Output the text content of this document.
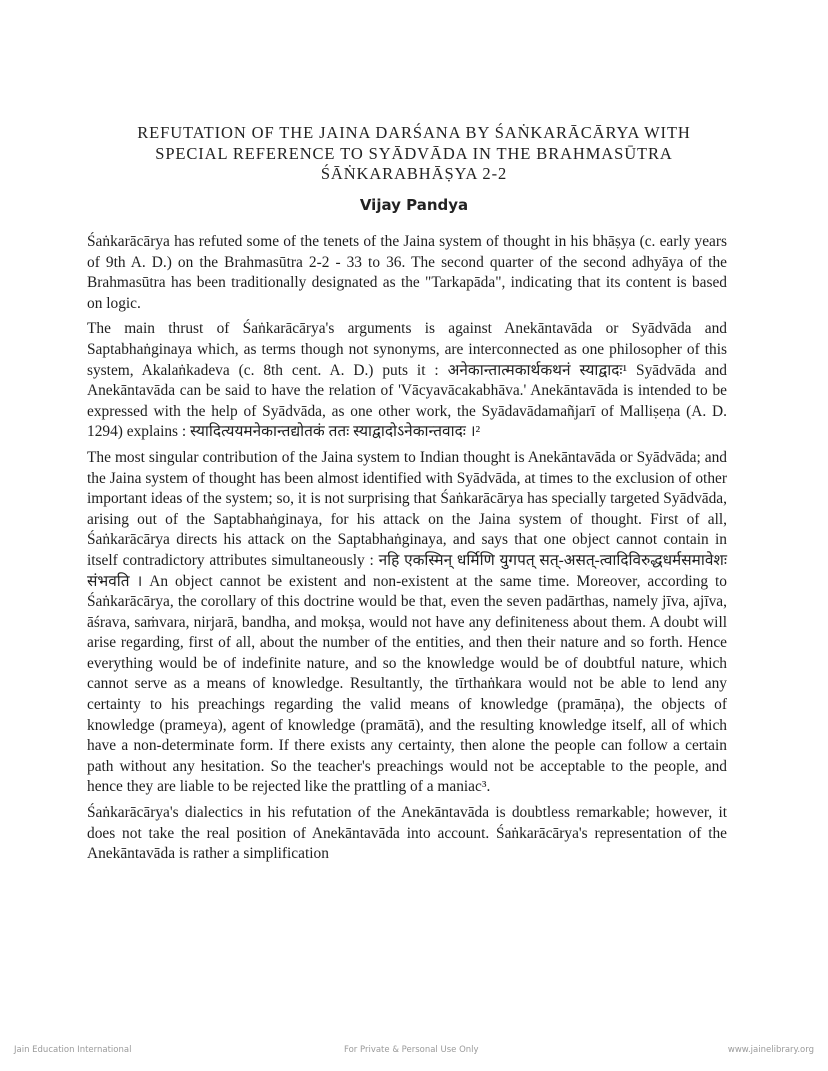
REFUTATION OF THE JAINA DARŚANA BY ŚAṄKARĀCĀRYA WITH
SPECIAL REFERENCE TO SYĀDVĀDA IN THE BRAHMASŪTRA
ŚĀṄKARABHĀṢYA 2-2
Vijay Pandya

Śaṅkarācārya has refuted some of the tenets of the Jaina system of thought in his bhāṣya (c. early years of 9th A. D.) on the Brahmasūtra 2-2 - 33 to 36. The second quarter of the second adhyāya of the Brahmasūtra has been traditionally designated as the "Tarkapāda", indicating that its content is based on logic.

The main thrust of Śaṅkarācārya's arguments is against Anekāntavāda or Syādvāda and Saptabhaṅginaya which, as terms though not synonyms, are interconnected as one philosopher of this system, Akalaṅkadeva (c. 8th cent. A. D.) puts it : अनेकान्तात्मकार्थकथनं स्याद्वादः¹ Syādvāda and Anekāntavāda can be said to have the relation of 'Vācyavācakabhāva.' Anekāntavāda is intended to be expressed with the help of Syādvāda, as one other work, the Syādavādamañjarī of Malliṣeṇa (A. D. 1294) explains : स्यादित्ययमनेकान्तद्योतकं ततः स्याद्वादोऽनेकान्तवादः ।²

The most singular contribution of the Jaina system to Indian thought is Anekāntavāda or Syādvāda; and the Jaina system of thought has been almost identified with Syādvāda, at times to the exclusion of other important ideas of the system; so, it is not surprising that Śaṅkarācārya has specially targeted Syādvāda, arising out of the Saptabhaṅginaya, for his attack on the Jaina system of thought. First of all, Śaṅkarācārya directs his attack on the Saptabhaṅginaya, and says that one object cannot contain in itself contradictory attributes simultaneously : नहि एकस्मिन् धर्मिणि युगपत् सत्-असत्-त्वादिविरुद्धधर्मसमावेशः संभवति । An object cannot be existent and non-existent at the same time. Moreover, according to Śaṅkarācārya, the corollary of this doctrine would be that, even the seven padārthas, namely jīva, ajīva, āśrava, saṁvara, nirjarā, bandha, and mokṣa, would not have any definiteness about them. A doubt will arise regarding, first of all, about the number of the entities, and then their nature and so forth. Hence everything would be of indefinite nature, and so the knowledge would be of doubtful nature, which cannot serve as a means of knowledge. Resultantly, the tīrthaṅkara would not be able to lend any certainty to his preachings regarding the valid means of knowledge (pramāṇa), the objects of knowledge (prameya), agent of knowledge (pramātā), and the resulting knowledge itself, all of which have a non-determinate form. If there exists any certainty, then alone the people can follow a certain path without any hesitation. So the teacher's preachings would not be acceptable to the people, and hence they are liable to be rejected like the prattling of a maniac³.

Śaṅkarācārya's dialectics in his refutation of the Anekāntavāda is doubtless remarkable; however, it does not take the real position of Anekāntavāda into account. Śaṅkarācārya's representation of the Anekāntavāda is rather a simplification

Jain Education International	For Private & Personal Use Only	www.jainelibrary.org
